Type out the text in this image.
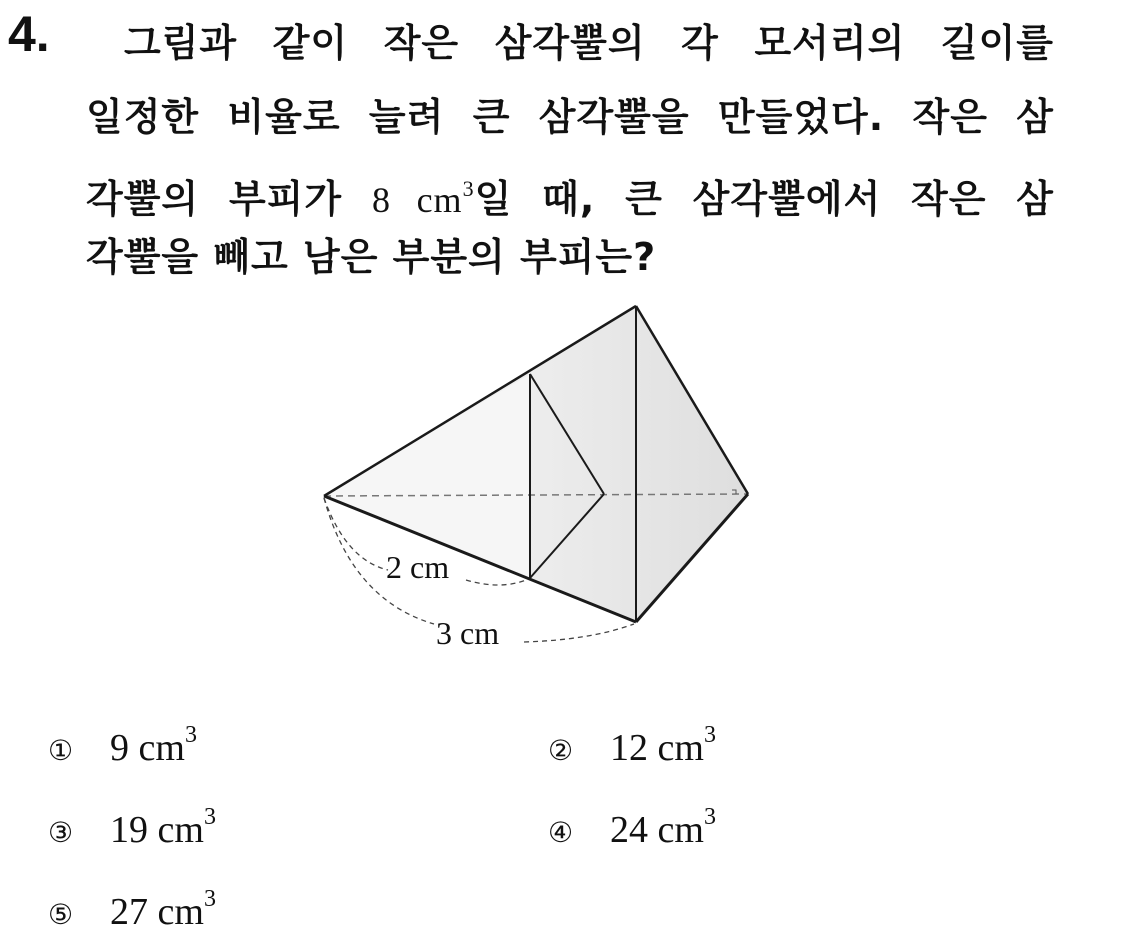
4. 그림과 같이 작은 삼각뿔의 각 모서리의 길이를
일정한 비율로 늘려 큰 삼각뿔을 만들었다. 작은 삼
각뿔의 부피가 8 $cm^3$일 때, 큰 삼각뿔에서 작은 삼
각뿔을 빼고 남은 부분의 부피는?
2 cm
3 cm
① 9 $cm^3$	② 12 $cm^3$
③ 19 $cm^3$	④ 24 $cm^3$
⑤ 27 $cm^3$
